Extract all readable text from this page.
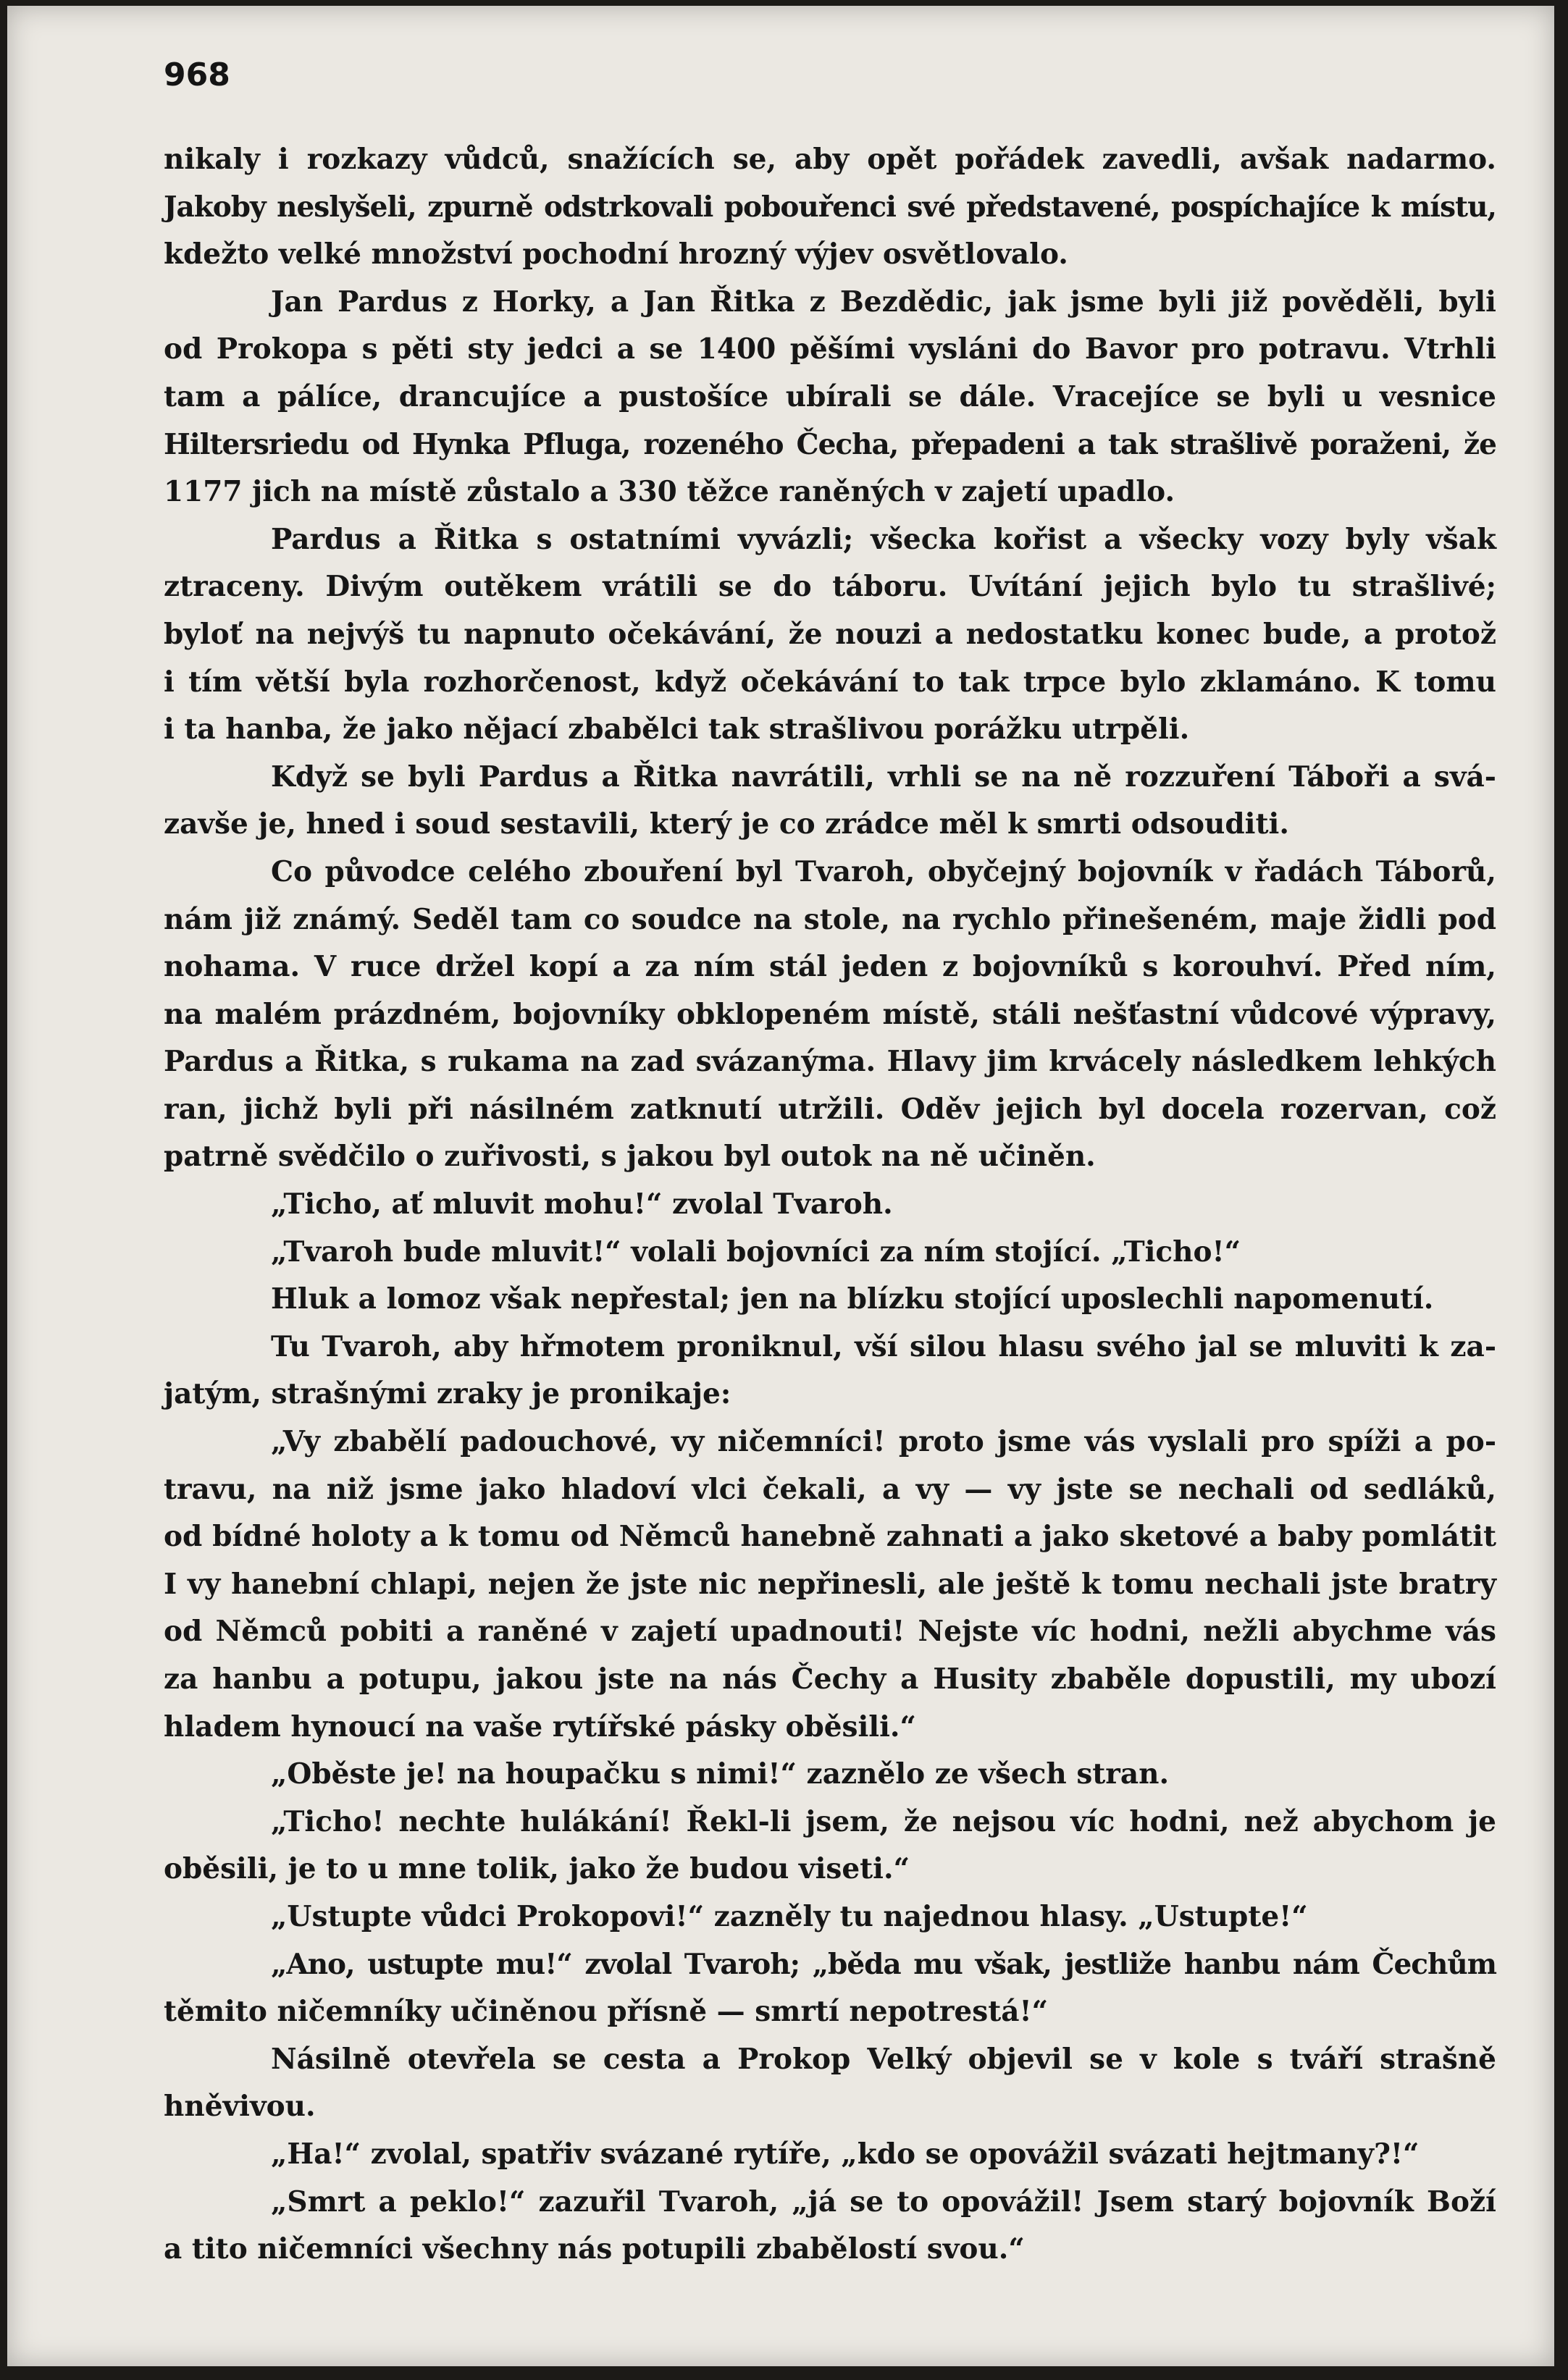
968
nikaly i rozkazy vůdců, snažících se, aby opět pořádek zavedli, avšak nadarmo.
Jakoby neslyšeli, zpurně odstrkovali pobouřenci své představené, pospíchajíce k místu,
kdežto velké množství pochodní hrozný výjev osvětlovalo.
Jan Pardus z Horky, a Jan Řitka z Bezdědic, jak jsme byli již pověděli, byli
od Prokopa s pěti sty jedci a se 1400 pěšími vysláni do Bavor pro potravu. Vtrhli
tam a pálíce, drancujíce a pustošíce ubírali se dále. Vracejíce se byli u vesnice
Hiltersriedu od Hynka Pfluga, rozeného Čecha, přepadeni a tak strašlivě poraženi, že
1177 jich na místě zůstalo a 330 těžce raněných v zajetí upadlo.
Pardus a Řitka s ostatními vyvázli; všecka kořist a všecky vozy byly však
ztraceny. Divým outěkem vrátili se do táboru. Uvítání jejich bylo tu strašlivé;
byloť na nejvýš tu napnuto očekávání, že nouzi a nedostatku konec bude, a protož
i tím větší byla rozhorčenost, když očekávání to tak trpce bylo zklamáno. K tomu
i ta hanba, že jako nějací zbabělci tak strašlivou porážku utrpěli.
Když se byli Pardus a Řitka navrátili, vrhli se na ně rozzuření Táboři a svá-
zavše je, hned i soud sestavili, který je co zrádce měl k smrti odsouditi.
Co původce celého zbouření byl Tvaroh, obyčejný bojovník v řadách Táborů,
nám již známý. Seděl tam co soudce na stole, na rychlo přinešeném, maje židli pod
nohama. V ruce držel kopí a za ním stál jeden z bojovníků s korouhví. Před ním,
na malém prázdném, bojovníky obklopeném místě, stáli nešťastní vůdcové výpravy,
Pardus a Řitka, s rukama na zad svázanýma. Hlavy jim krvácely následkem lehkých
ran, jichž byli při násilném zatknutí utržili. Oděv jejich byl docela rozervan, což
patrně svědčilo o zuřivosti, s jakou byl outok na ně učiněn.
„Ticho, ať mluvit mohu!“ zvolal Tvaroh.
„Tvaroh bude mluvit!“ volali bojovníci za ním stojící. „Ticho!“
Hluk a lomoz však nepřestal; jen na blízku stojící uposlechli napomenutí.
Tu Tvaroh, aby hřmotem proniknul, vší silou hlasu svého jal se mluviti k za-
jatým, strašnými zraky je pronikaje:
„Vy zbabělí padouchové, vy ničemníci! proto jsme vás vyslali pro spíži a po-
travu, na niž jsme jako hladoví vlci čekali, a vy — vy jste se nechali od sedláků,
od bídné holoty a k tomu od Němců hanebně zahnati a jako sketové a baby pomlátit
I vy hanební chlapi, nejen že jste nic nepřinesli, ale ještě k tomu nechali jste bratry
od Němců pobiti a raněné v zajetí upadnouti! Nejste víc hodni, nežli abychme vás
za hanbu a potupu, jakou jste na nás Čechy a Husity zbaběle dopustili, my ubozí
hladem hynoucí na vaše rytířské pásky oběsili.“
„Oběste je! na houpačku s nimi!“ zaznělo ze všech stran.
„Ticho! nechte hulákání! Řekl-li jsem, že nejsou víc hodni, než abychom je
oběsili, je to u mne tolik, jako že budou viseti.“
„Ustupte vůdci Prokopovi!“ zazněly tu najednou hlasy. „Ustupte!“
„Ano, ustupte mu!“ zvolal Tvaroh; „běda mu však, jestliže hanbu nám Čechům
těmito ničemníky učiněnou přísně — smrtí nepotrestá!“
Násilně otevřela se cesta a Prokop Velký objevil se v kole s tváří strašně
hněvivou.
„Ha!“ zvolal, spatřiv svázané rytíře, „kdo se opovážil svázati hejtmany?!“
„Smrt a peklo!“ zazuřil Tvaroh, „já se to opovážil! Jsem starý bojovník Boží
a tito ničemníci všechny nás potupili zbabělostí svou.“
